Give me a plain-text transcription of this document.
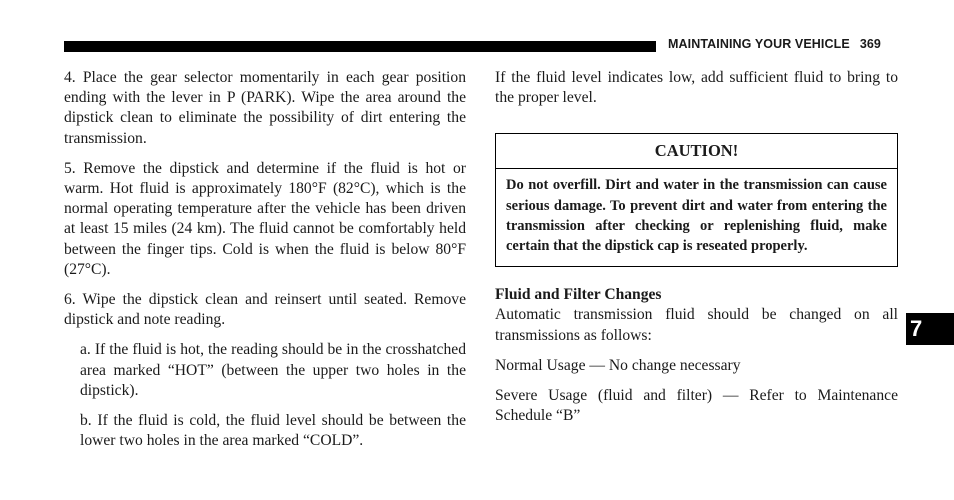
MAINTAINING YOUR VEHICLE 369

4. Place the gear selector momentarily in each gear position ending with the lever in P (PARK). Wipe the area around the dipstick clean to eliminate the possibility of dirt entering the transmission.

5. Remove the dipstick and determine if the fluid is hot or warm. Hot fluid is approximately 180°F (82°C), which is the normal operating temperature after the vehicle has been driven at least 15 miles (24 km). The fluid cannot be comfortably held between the finger tips. Cold is when the fluid is below 80°F (27°C).

6. Wipe the dipstick clean and reinsert until seated. Remove dipstick and note reading.

a. If the fluid is hot, the reading should be in the crosshatched area marked “HOT” (between the upper two holes in the dipstick).

b. If the fluid is cold, the fluid level should be between the lower two holes in the area marked “COLD”.

If the fluid level indicates low, add sufficient fluid to bring to the proper level.

CAUTION!
Do not overfill. Dirt and water in the transmission can cause serious damage. To prevent dirt and water from entering the transmission after checking or replenishing fluid, make certain that the dipstick cap is reseated properly.
Fluid and Filter Changes

Automatic transmission fluid should be changed on all transmissions as follows:

Normal Usage — No change necessary

Severe Usage (fluid and filter) — Refer to Maintenance Schedule “B”

7
